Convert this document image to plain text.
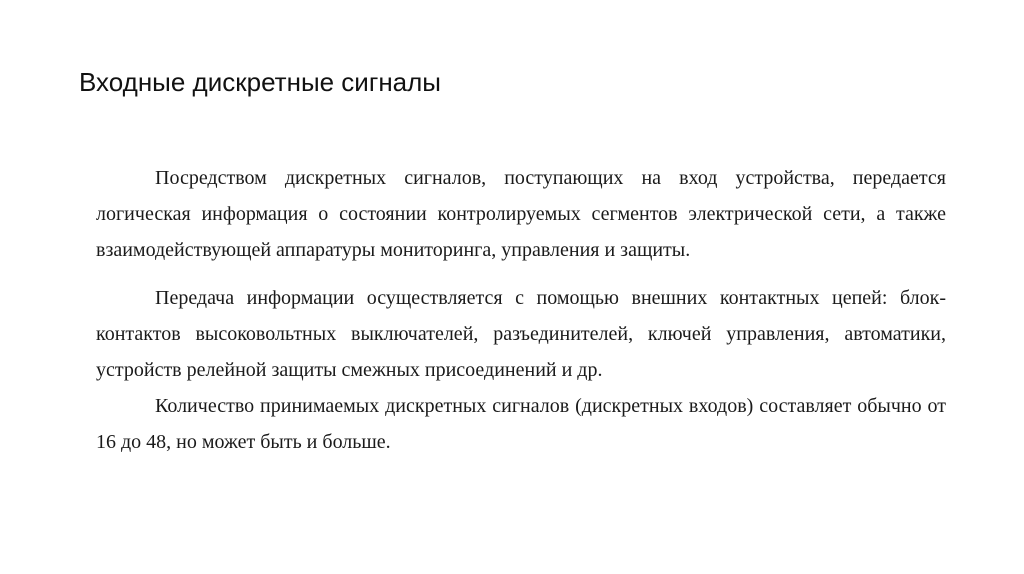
Входные дискретные сигналы

Посредством дискретных сигналов, поступающих на вход устройства, передается логическая информация о состоянии контролируемых сегментов электрической сети, а также взаимодействующей аппаратуры мониторинга, управления и защиты.

Передача информации осуществляется с помощью внешних контактных цепей: блок-контактов высоковольтных выключателей, разъединителей, ключей управления, автоматики, устройств релейной защиты смежных присоединений и др.

Количество принимаемых дискретных сигналов (дискретных входов) составляет обычно от 16 до 48, но может быть и больше.
